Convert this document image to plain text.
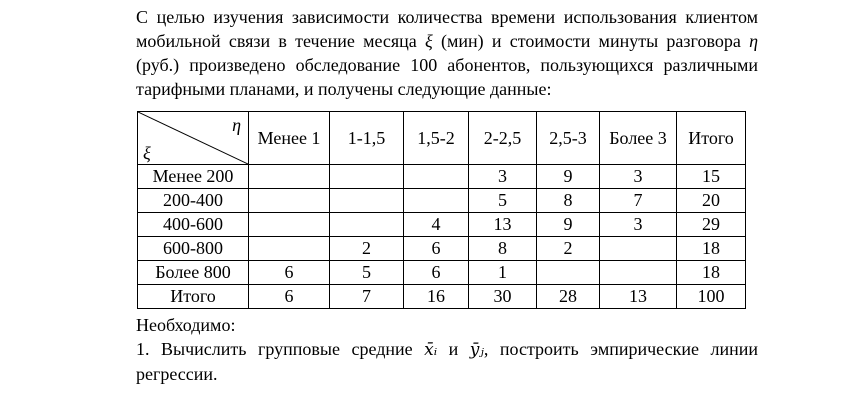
С целью изучения зависимости количества времени использования клиентом мобильной связи в течение месяца ξ (мин) и стоимости минуты разговора η (руб.) произведено обследование 100 абонентов, пользующихся различными тарифными планами, и получены следующие данные:

η
ξ	Менее 1	1-1,5	1,5-2	2-2,5	2,5-3	Более 3	Итого
Менее 200				3	9	3	15
200-400				5	8	7	20
400-600			4	13	9	3	29
600-800		2	6	8	2		18
Более 800	6	5	6	1			18
Итого	6	7	16	30	28	13	100

Необходимо:

1. Вычислить групповые средние x̄ᵢ и ȳⱼ, построить эмпирические линии регрессии.
